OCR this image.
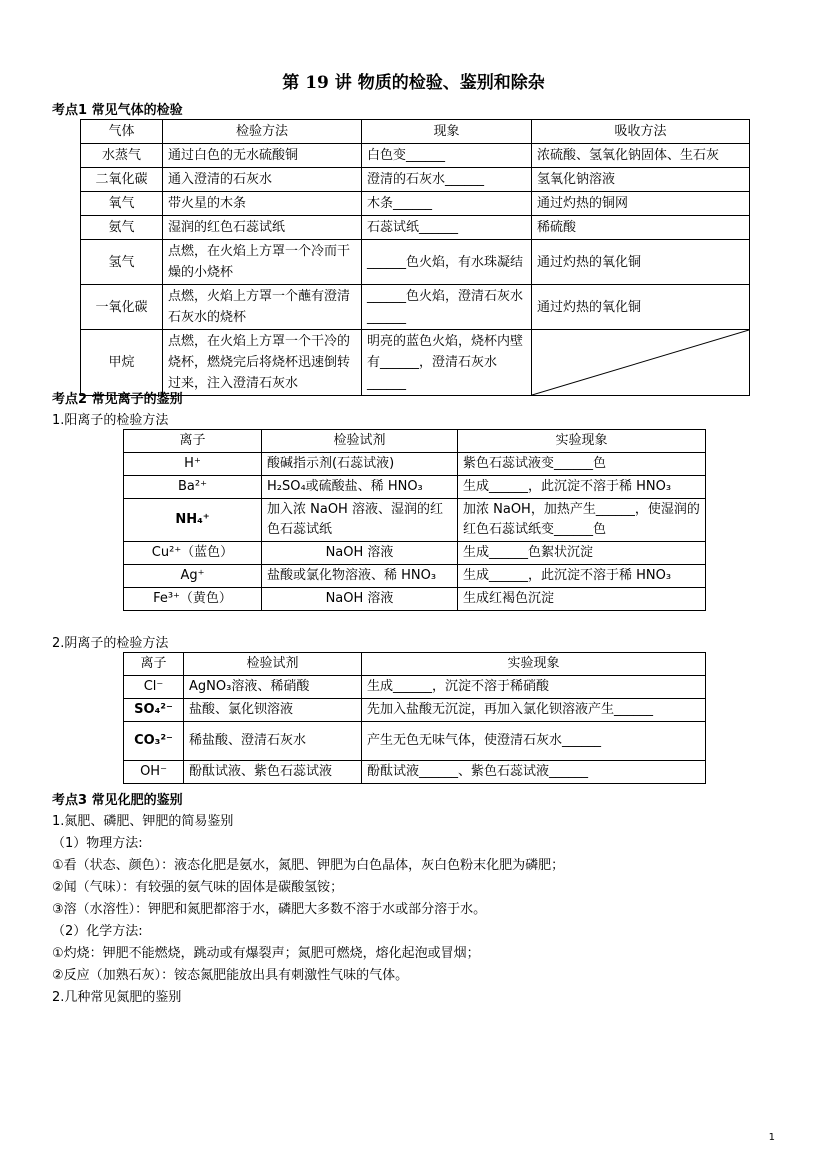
第 19 讲 物质的检验、鉴别和除杂
考点1 常见气体的检验
气体	检验方法	现象	吸收方法
水蒸气	通过白色的无水硫酸铜	白色变______	浓硫酸、氢氧化钠固体、生石灰
二氧化碳	通入澄清的石灰水	澄清的石灰水______	氢氧化钠溶液
氧气	带火星的木条	木条______	通过灼热的铜网
氨气	湿润的红色石蕊试纸	石蕊试纸______	稀硫酸
氢气	点燃，在火焰上方罩一个冷而干燥的小烧杯	______色火焰，有水珠凝结	通过灼热的氧化铜
一氧化碳	点燃，火焰上方罩一个蘸有澄清石灰水的烧杯	______色火焰，澄清石灰水______	通过灼热的氧化铜
甲烷	点燃，在火焰上方罩一个干冷的烧杯，燃烧完后将烧杯迅速倒转过来，注入澄清石灰水	明亮的蓝色火焰，烧杯内壁有______，澄清石灰水______	
考点2 常见离子的鉴别
1.阳离子的检验方法
离子	检验试剂	实验现象
H⁺	酸碱指示剂(石蕊试液)	紫色石蕊试液变______色
Ba²⁺	H₂SO₄或硫酸盐、稀 HNO₃	生成______，此沉淀不溶于稀 HNO₃
NH₄⁺	加入浓 NaOH 溶液、湿润的红色石蕊试纸	加浓 NaOH，加热产生______，使湿润的红色石蕊试纸变______色
Cu²⁺（蓝色）	NaOH 溶液	生成______色絮状沉淀
Ag⁺	盐酸或氯化物溶液、稀 HNO₃	生成______，此沉淀不溶于稀 HNO₃
Fe³⁺（黄色）	NaOH 溶液	生成红褐色沉淀
2.阴离子的检验方法
离子	检验试剂	实验现象
Cl⁻	AgNO₃溶液、稀硝酸	生成______，沉淀不溶于稀硝酸
SO₄²⁻	盐酸、氯化钡溶液	先加入盐酸无沉淀，再加入氯化钡溶液产生______
CO₃²⁻	稀盐酸、澄清石灰水	产生无色无味气体，使澄清石灰水______
OH⁻	酚酞试液、紫色石蕊试液	酚酞试液______、紫色石蕊试液______
考点3 常见化肥的鉴别
1.氮肥、磷肥、钾肥的简易鉴别
（1）物理方法:
①看（状态、颜色）：液态化肥是氨水，氮肥、钾肥为白色晶体，灰白色粉末化肥为磷肥；
②闻（气味）：有较强的氨气味的固体是碳酸氢铵；
③溶（水溶性）：钾肥和氮肥都溶于水，磷肥大多数不溶于水或部分溶于水。
（2）化学方法:
①灼烧：钾肥不能燃烧，跳动或有爆裂声；氮肥可燃烧，熔化起泡或冒烟；
②反应（加熟石灰）：铵态氮肥能放出具有刺激性气味的气体。
2.几种常见氮肥的鉴别
1
